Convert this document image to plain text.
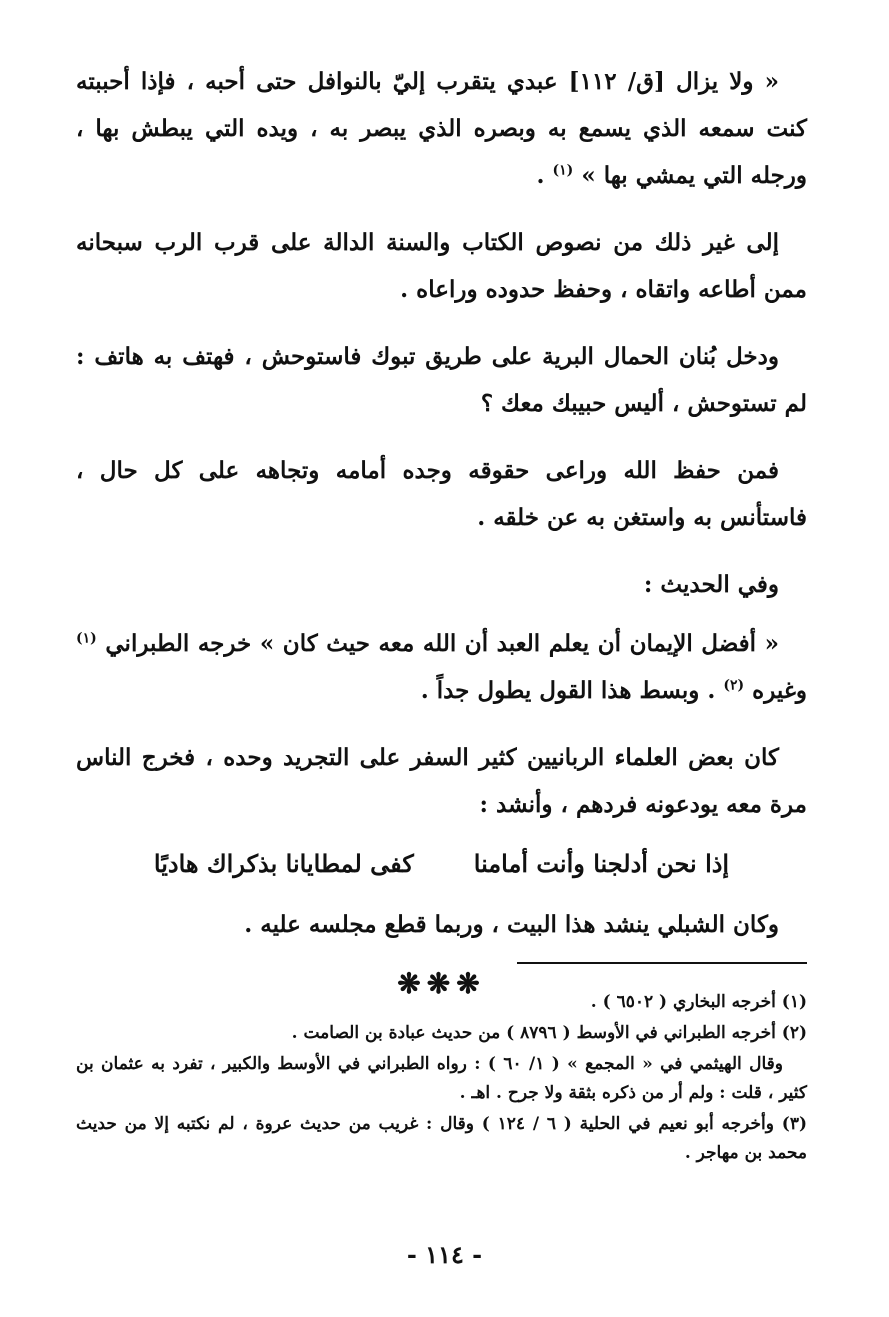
« ولا يزال [ق/ ١١٢] عبدي يتقرب إليّ بالنوافل حتى أحبه ، فإذا أحببته كنت سمعه الذي يسمع به وبصره الذي يبصر به ، ويده التي يبطش بها ، ورجله التي يمشي بها » $^{(١)}$ .

إلى غير ذلك من نصوص الكتاب والسنة الدالة على قرب الرب سبحانه ممن أطاعه واتقاه ، وحفظ حدوده وراعاه .

ودخل بُنان الحمال البرية على طريق تبوك فاستوحش ، فهتف به هاتف : لم تستوحش ، أليس حبيبك معك ؟

فمن حفظ الله وراعى حقوقه وجده أمامه وتجاهه على كل حال ، فاستأنس به واستغن به عن خلقه .

وفي الحديث :

« أفضل الإيمان أن يعلم العبد أن الله معه حيث كان » خرجه الطبراني $^{(١)}$ وغيره $^{(٢)}$ . وبسط هذا القول يطول جداً .

كان بعض العلماء الربانيين كثير السفر على التجريد وحده ، فخرج الناس مرة معه يودعونه فردهم ، وأنشد :

إذا نحن أدلجنا وأنت أمامنا
كفى لمطايانا بذكراك هاديًا

وكان الشبلي ينشد هذا البيت ، وربما قطع مجلسه عليه .

❋❋❋

(١) أخرجه البخاري ( ٦٥٠٢ ) .

(٢) أخرجه الطبراني في الأوسط ( ٨٧٩٦ ) من حديث عبادة بن الصامت .

وقال الهيثمي في « المجمع » ( ١/ ٦٠ ) : رواه الطبراني في الأوسط والكبير ، تفرد به عثمان بن كثير ، قلت : ولم أر من ذكره بثقة ولا جرح . اهـ .

(٣) وأخرجه أبو نعيم في الحلية ( ٦ / ١٢٤ ) وقال : غريب من حديث عروة ، لم نكتبه إلا من حديث محمد بن مهاجر .

- ١١٤ -
